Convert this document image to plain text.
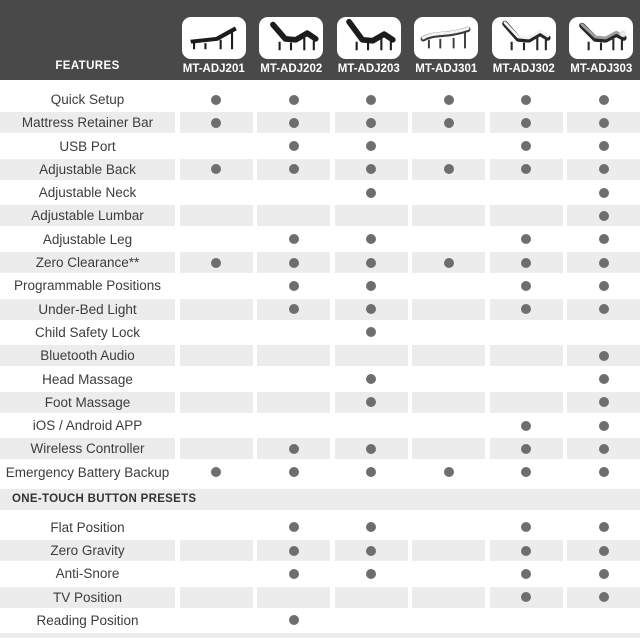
FEATURES	MT-ADJ201 MT-ADJ202 MT-ADJ203 MT-ADJ301 MT-ADJ302 MT-ADJ303
Quick Setup
Mattress Retainer Bar
USB Port
Adjustable Back
Adjustable Neck
Adjustable Lumbar
Adjustable Leg
Zero Clearance**
Programmable Positions
Under-Bed Light
Child Safety Lock
Bluetooth Audio
Head Massage
Foot Massage
iOS / Android APP
Wireless Controller
Emergency Battery Backup
ONE-TOUCH BUTTON PRESETS
Flat Position
Zero Gravity
Anti-Snore
TV Position
Reading Position
